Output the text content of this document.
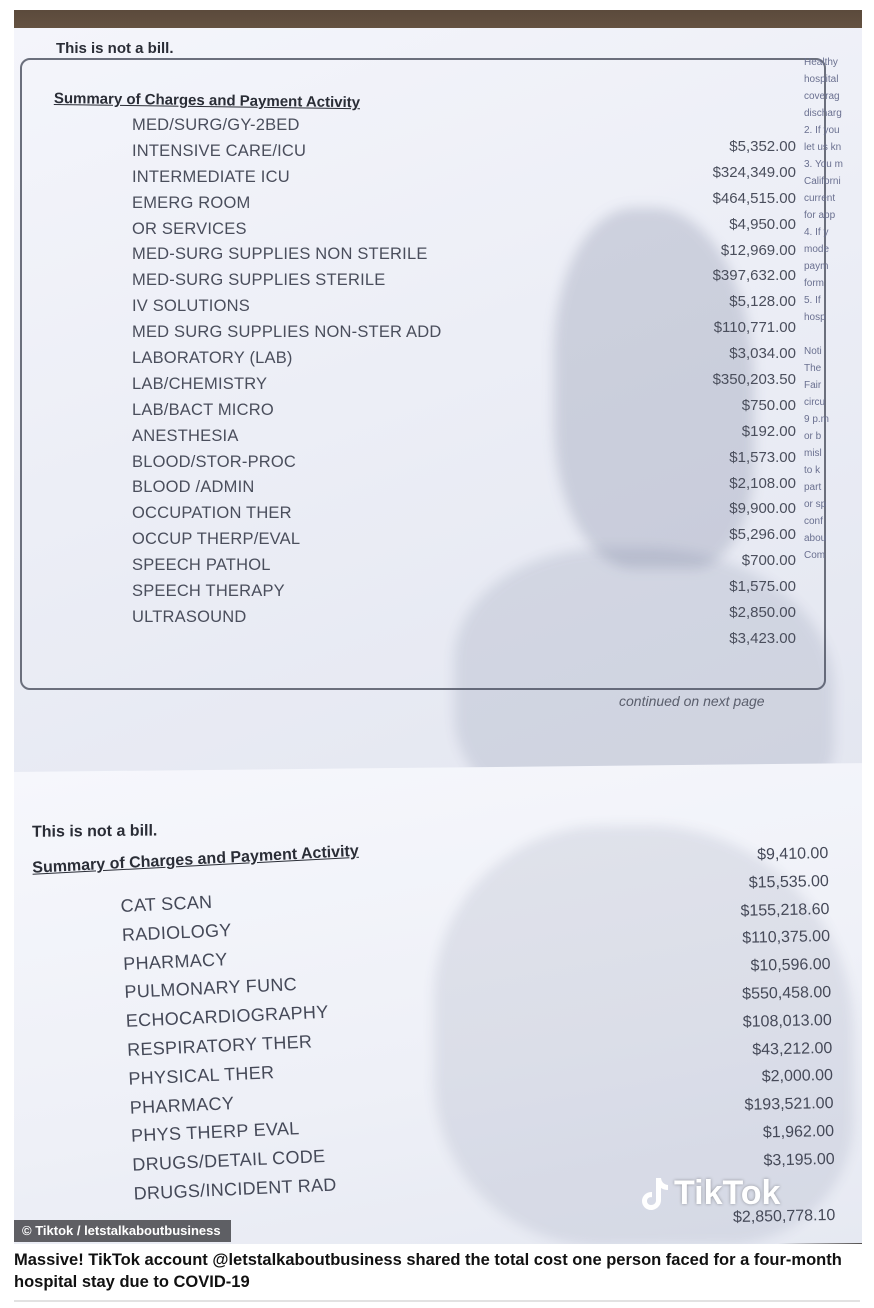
This is not a bill.
Summary of Charges and Payment Activity
MED/SURG/GY-2BED
INTENSIVE CARE/ICU
INTERMEDIATE ICU
EMERG ROOM
OR SERVICES
MED-SURG SUPPLIES NON STERILE
MED-SURG SUPPLIES STERILE
IV SOLUTIONS
MED SURG SUPPLIES NON-STER ADD
LABORATORY (LAB)
LAB/CHEMISTRY
LAB/BACT MICRO
ANESTHESIA
BLOOD/STOR-PROC
BLOOD /ADMIN
OCCUPATION THER
OCCUP THERP/EVAL
SPEECH PATHOL
SPEECH THERAPY
ULTRASOUND
$5,352.00
$324,349.00
$464,515.00
$4,950.00
$12,969.00
$397,632.00
$5,128.00
$110,771.00
$3,034.00
$350,203.50
$750.00
$192.00
$1,573.00
$2,108.00
$9,900.00
$5,296.00
$700.00
$1,575.00
$2,850.00
$3,423.00
continued on next page
Healthy
hospital
coverag
discharg
2. If you
let us kn
3. You m
Californi
current
for app
4. If y
mode
paym
form
5. If
hosp

Noti
The
Fair
circu
9 p.m
or b
misl
to k
part
or sp
conf
abou
Com
This is not a bill.
Summary of Charges and Payment Activity
CAT SCAN
RADIOLOGY
PHARMACY
PULMONARY FUNC
ECHOCARDIOGRAPHY
RESPIRATORY THER
PHYSICAL THER
PHARMACY
PHYS THERP EVAL
DRUGS/DETAIL CODE
DRUGS/INCIDENT RAD
$9,410.00
$15,535.00
$155,218.60
$110,375.00
$10,596.00
$550,458.00
$108,013.00
$43,212.00
$2,000.00
$193,521.00
$1,962.00
$3,195.00
$2,850,778.10
TikTok
© Tiktok / letstalkaboutbusiness
Massive! TikTok account @letstalkaboutbusiness shared the total cost one person faced for a four-month hospital stay due to COVID-19
